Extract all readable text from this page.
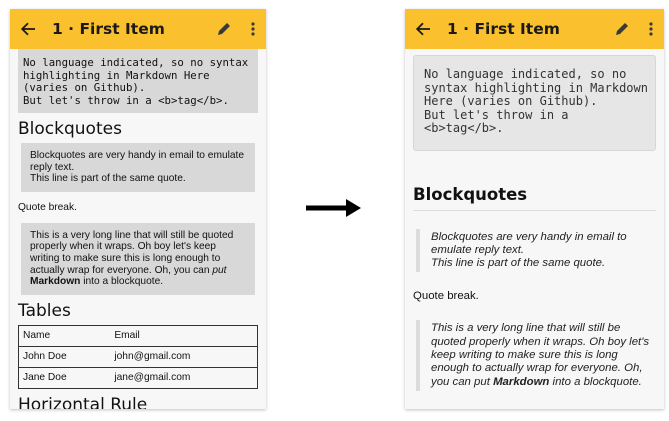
1 · First Item
No language indicated, so no syntax highlighting in Markdown Here (varies on Github).
But let's throw in a <b>tag</b>.
Blockquotes

Blockquotes are very handy in email to emulate reply text.

This line is part of the same quote.

Quote break.

This is a very long line that will still be quoted properly when it wraps. Oh boy let's keep writing to make sure this is long enough to actually wrap for everyone. Oh, you can put Markdown into a blockquote.

Tables
Name	Email
John Doe	john@gmail.com
Jane Doe	jane@gmail.com
Horizontal Rule
1 · First Item
No language indicated, so no syntax highlighting in Markdown Here (varies on Github).
But let's throw in a <b>tag</b>.
Blockquotes

Blockquotes are very handy in email to emulate reply text.

This line is part of the same quote.

Quote break.

This is a very long line that will still be quoted properly when it wraps. Oh boy let's keep writing to make sure this is long enough to actually wrap for everyone. Oh, you can put Markdown into a blockquote.
